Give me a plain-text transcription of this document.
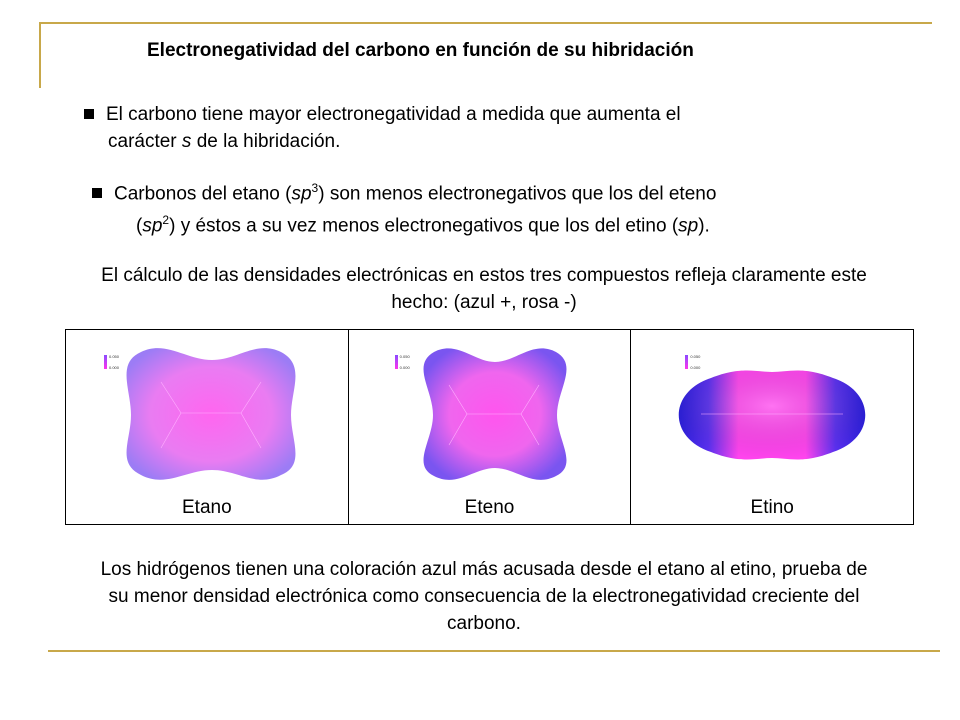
Electronegatividad del carbono en función de su hibridación
El carbono tiene mayor electronegatividad a medida que aumenta el
carácter s de la hibridación.
Carbonos del etano $(sp^3)$ son menos electronegativos que los del eteno
$(sp^2)$ y éstos a su vez menos electronegativos que los del etino (sp).
El cálculo de las densidades electrónicas en estos tres compuestos refleja claramente este hecho: (azul +, rosa -)
0.050
0.000
Etano
0.050
0.000
Eteno
0.050
0.000
Etino
Los hidrógenos tienen una coloración azul más acusada desde el etano al etino, prueba de su menor densidad electrónica como consecuencia de la electronegatividad creciente del carbono.
